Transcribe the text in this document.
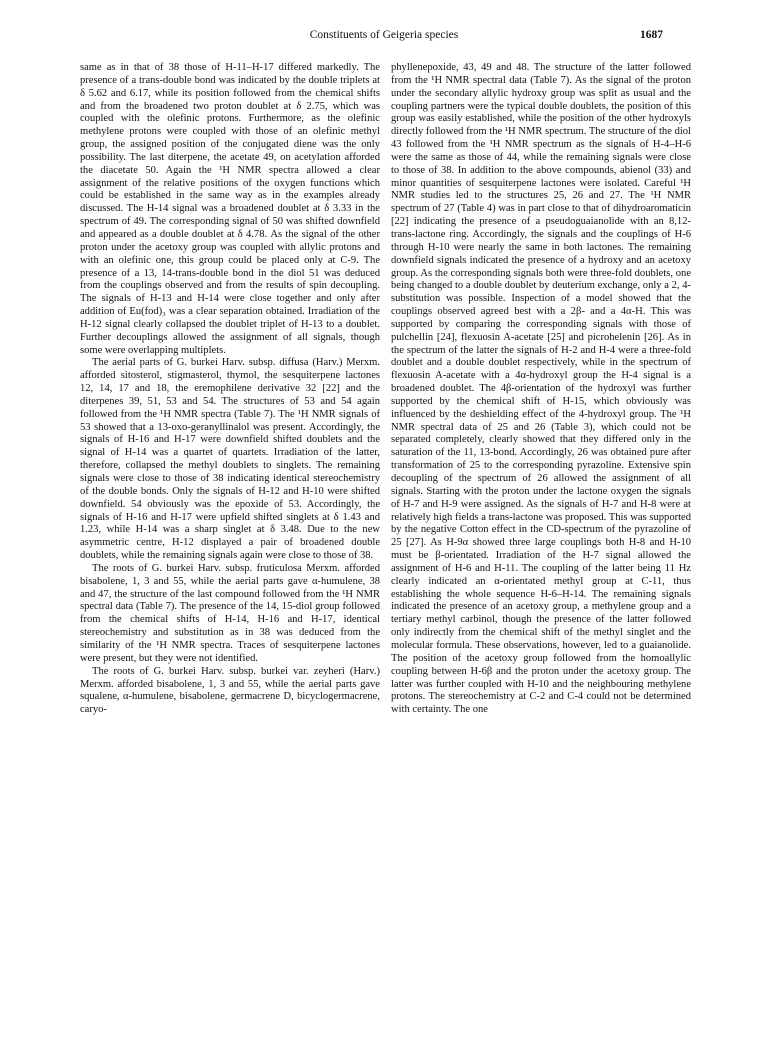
Constituents of Geigeria species	1687

same as in that of 38 those of H-11–H-17 differed markedly. The presence of a trans-double bond was indicated by the double triplets at δ 5.62 and 6.17, while its position followed from the chemical shifts and from the broadened two proton doublet at δ 2.75, which was coupled with the olefinic protons. Furthermore, as the olefinic methylene protons were coupled with those of an olefinic methyl group, the assigned position of the conjugated diene was the only possibility. The last diterpene, the acetate 49, on acetylation afforded the diacetate 50. Again the ¹H NMR spectra allowed a clear assignment of the relative positions of the oxygen functions which could be established in the same way as in the examples already discussed. The H-14 signal was a broadened doublet at δ 3.33 in the spectrum of 49. The corresponding signal of 50 was shifted downfield and appeared as a double doublet at δ 4.78. As the signal of the other proton under the acetoxy group was coupled with allylic protons and with an olefinic one, this group could be placed only at C-9. The presence of a 13, 14-trans-double bond in the diol 51 was deduced from the couplings observed and from the results of spin decoupling. The signals of H-13 and H-14 were close together and only after addition of Eu(fod)₃ was a clear separation obtained. Irradiation of the H-12 signal clearly collapsed the doublet triplet of H-13 to a doublet. Further decouplings allowed the assignment of all signals, though some were overlapping multiplets.

The aerial parts of G. burkei Harv. subsp. diffusa (Harv.) Merxm. afforded sitosterol, stigmasterol, thymol, the sesquiterpene lactones 12, 14, 17 and 18, the eremophilene derivative 32 [22] and the diterpenes 39, 51, 53 and 54. The structures of 53 and 54 again followed from the ¹H NMR spectra (Table 7). The ¹H NMR signals of 53 showed that a 13-oxo-geranyllinalol was present. Accordingly, the signals of H-16 and H-17 were downfield shifted doublets and the signal of H-14 was a quartet of quartets. Irradiation of the latter, therefore, collapsed the methyl doublets to singlets. The remaining signals were close to those of 38 indicating identical stereochemistry of the double bonds. Only the signals of H-12 and H-10 were shifted downfield. 54 obviously was the epoxide of 53. Accordingly, the signals of H-16 and H-17 were upfield shifted singlets at δ 1.43 and 1.23, while H-14 was a sharp singlet at δ 3.48. Due to the new asymmetric centre, H-12 displayed a pair of broadened double doublets, while the remaining signals again were close to those of 38.

The roots of G. burkei Harv. subsp. fruticulosa Merxm. afforded bisabolene, 1, 3 and 55, while the aerial parts gave α-humulene, 38 and 47, the structure of the last compound followed from the ¹H NMR spectral data (Table 7). The presence of the 14, 15-diol group followed from the chemical shifts of H-14, H-16 and H-17, identical stereochemistry and substitution as in 38 was deduced from the similarity of the ¹H NMR spectra. Traces of sesquiterpene lactones were present, but they were not identified.

The roots of G. burkei Harv. subsp. burkei var. zeyheri (Harv.) Merxm. afforded bisabolene, 1, 3 and 55, while the aerial parts gave squalene, α-humulene, bisabolene, germacrene D, bicyclogermacrene, caryo-

phyllenepoxide, 43, 49 and 48. The structure of the latter followed from the ¹H NMR spectral data (Table 7). As the signal of the proton under the secondary allylic hydroxy group was split as usual and the coupling partners were the typical double doublets, the position of this group was easily established, while the position of the other hydroxyls directly followed from the ¹H NMR spectrum. The structure of the diol 43 followed from the ¹H NMR spectrum as the signals of H-4–H-6 were the same as those of 44, while the remaining signals were close to those of 38. In addition to the above compounds, abienol (33) and minor quantities of sesquiterpene lactones were isolated. Careful ¹H NMR studies led to the structures 25, 26 and 27. The ¹H NMR spectrum of 27 (Table 4) was in part close to that of dihydroaromaticin [22] indicating the presence of a pseudoguaianolide with an 8,12-trans-lactone ring. Accordingly, the signals and the couplings of H-6 through H-10 were nearly the same in both lactones. The remaining downfield signals indicated the presence of a hydroxy and an acetoxy group. As the corresponding signals both were three-fold doublets, one being changed to a double doublet by deuterium exchange, only a 2, 4-substitution was possible. Inspection of a model showed that the couplings observed agreed best with a 2β- and a 4α-H. This was supported by comparing the corresponding signals with those of pulchellin [24], flexuosin A-acetate [25] and picrohelenin [26]. As in the spectrum of the latter the signals of H-2 and H-4 were a three-fold doublet and a double doublet respectively, while in the spectrum of flexuosin A-acetate with a 4α-hydroxyl group the H-4 signal is a broadened doublet. The 4β-orientation of the hydroxyl was further supported by the chemical shift of H-15, which obviously was influenced by the deshielding effect of the 4-hydroxyl group. The ¹H NMR spectral data of 25 and 26 (Table 3), which could not be separated completely, clearly showed that they differed only in the saturation of the 11, 13-bond. Accordingly, 26 was obtained pure after transformation of 25 to the corresponding pyrazoline. Extensive spin decoupling of the spectrum of 26 allowed the assignment of all signals. Starting with the proton under the lactone oxygen the signals of H-7 and H-9 were assigned. As the signals of H-7 and H-8 were at relatively high fields a trans-lactone was proposed. This was supported by the negative Cotton effect in the CD-spectrum of the pyrazoline of 25 [27]. As H-9α showed three large couplings both H-8 and H-10 must be β-orientated. Irradiation of the H-7 signal allowed the assignment of H-6 and H-11. The coupling of the latter being 11 Hz clearly indicated an α-orientated methyl group at C-11, thus establishing the whole sequence H-6–H-14. The remaining signals indicated the presence of an acetoxy group, a methylene group and a tertiary methyl carbinol, though the presence of the latter followed only indirectly from the chemical shift of the methyl singlet and the molecular formula. These observations, however, led to a guaianolide. The position of the acetoxy group followed from the homoallylic coupling between H-6β and the proton under the acetoxy group. The latter was further coupled with H-10 and the neighbouring methylene protons. The stereochemistry at C-2 and C-4 could not be determined with certainty. The one
